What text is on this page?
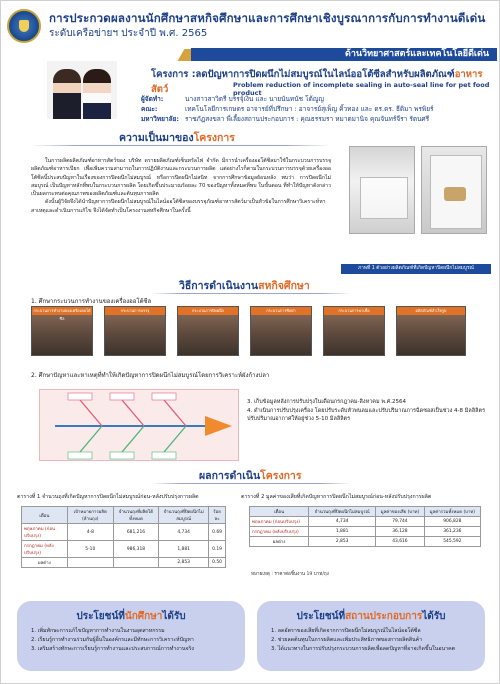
การประกวดผลงานนักศึกษาสหกิจศึกษาและการศึกษาเชิงบูรณาการกับการทำงานดีเด่น
ระดับเครือข่ายฯ ประจำปี พ.ศ. 2565
ด้านวิทยาศาสตร์และเทคโนโลยีดีเด่น
โครงการ :ลดปัญหาการปิดผนึกไม่สมบูรณ์ในไลน์ออโต้ซีลสำหรับผลิตภัณฑ์อาหารสัตว์	Problem reduction of incomplete sealing in auto-seal line for pet food product
ผู้จัดทำ:	นางสาวสาวิตรี บรรจุ์เงิน และ นายนันทนัช โต้ญูญ
คณะ:	เทคโนโลยีการเกษตร อาจารย์ที่ปรึกษา : อาจารย์สุเพ็ญ คิ้วทอง และ ดร.ดร. ธีติมา พรพิยร์
มหาวิทยาลัย: ราชภัฏสงขลา พี่เลี้ยงสถานประกอบการ : คุณธรรมรา หมาดมานิจ คุณจันทร์จีรา รัตนศรี
ความเป็นมาของโครงการ

ในการผลิตผลิตภัณฑ์อาหารสัตว์ของ บริษัท ดรายผลิตภัณฑ์เซ็นทรัลไฟ จำกัด มีการนำเครื่องออโต้ซีลมาใช้ในกระบวนการบรรจุผลิตภัณฑ์อาหารเปียก เพื่อเพิ่มความสามารถในการปฏิบัติงานและกระบวนการผลิต แต่อย่างไรก็ตามในกระบวนการบรรจุด้วยเครื่องออโต้ซีลนี้ประสบปัญหาในเรื่องของการปิดผนึกไม่สมบูรณ์ หรือการปิดผนึกไม่สนิท จากการศึกษาข้อมูลย้อนหลัง พบว่า การปิดผนึกไม่สมบูรณ์ เป็นปัญหาหลักที่พบในกระบวนการผลิต โดยเกิดขึ้นประมาณร้อยละ 70 ของปัญหาทั้งหมดที่พบ ในขั้นตอน ที่ทำให้ปัญหาดังกล่าวเป็นผลกระทบต่อคุณภาพของผลิตภัณฑ์และต้นทุนการผลิต

ดังนั้นผู้วิจัยจึงได้นำปัญหาการปิดผนึกไม่สมบูรณ์ในไลน์ออโต้ซีลของบรรจุภัณฑ์อาหารสัตว์มาเป็นหัวข้อในการศึกษาวิเคราะห์หาสาเหตุและดำเนินการแก้ไข จึงได้จัดทำเป็นโครงงานสหกิจศึกษาในครั้งนี้

ภาพที่ 1 ตัวอย่างผลิตภัณฑ์ที่เกิดปัญหาปิดผนึกไม่สมบูรณ์
วิธีการดำเนินงานสหกิจศึกษา
1. ศึกษากระบวนการทำงานของเครื่องออโต้ซีล
กระบวนการทำงานของเครื่องออโต้ซีล
กระบวนการบรรจุ	กระบวนการปิดผนึก	กระบวนการซีลฝา	กระบวนการฆ่าเชื้อ	ผลิตภัณฑ์สำเร็จรูป
2. ศึกษาปัญหาและหาเหตุที่ทำให้เกิดปัญหาการปิดผนึกไม่สมบูรณ์โดยการวิเคราะห์ผังก้างปลา
3. เก็บข้อมูลหลังการปรับปรุงในเดือนกรกฎาคม-สิงหาคม พ.ศ.2564
4. ดำเนินการปรับปรุงเครื่อง โดยปรับระดับหัวพ่นลมและปรับปริมาณการฉีดซอสเป็นช่วง 4-8 มิลลิลิตร ปรับปริมาณอากาศให้อยู่ช่วง 5-10 มิลลิลิตร
ผลการดำเนินโครงการ
ตารางที่ 1 จำนวนถุงที่เกิดปัญหาการปิดผนึกไม่สมบูรณ์ก่อน-หลังปรับปรุงการผลิต
เดือน	เป้าหมายการผลิต (ล้านถุง)	จำนวนถุงที่ผลิตได้ทั้งหมด	จำนวนถุงที่ปิดผนึกไม่สมบูรณ์	ร้อยละ
พฤษภาคม (ก่อนปรับปรุง)	4-8	681,216	4,734	0.69
กรกฎาคม (หลังปรับปรุง)	5-10	986,318	1,881	0.19
ผลต่าง			2,853	0.50
ตารางที่ 2 มูลค่าของเสียที่เกิดปัญหาการปิดผนึกไม่สมบูรณ์ก่อน-หลังปรับปรุงการผลิต
เดือน	จำนวนถุงที่ปิดผนึกไม่สมบูรณ์	มูลค่าของเสีย (บาท)	มูลค่ารวมทั้งหมด (บาท)
พฤษภาคม (ก่อนปรับปรุง)	4,734	79,744	906,828
กรกฎาคม (หลังปรับปรุง)	1,881	36,128	361,236
ผลต่าง	2,853	43,616	545,592
หมายเหตุ : ราคาต่อชิ้นงาน 19 บาท/ถุง
ประโยชน์ที่นักศึกษาได้รับ
1. เพิ่มทักษะการแก้ไขปัญหาการทำงานในงานอุตสาหกรรม
2. เรียนรู้การทำงานร่วมกับผู้อื่นในองค์กรและมีทักษะการวิเคราะห์ปัญหา
3. เสริมสร้างทักษะการเรียนรู้การทำงานและประสบการณ์การทำงานจริง
ประโยชน์ที่สถานประกอบการได้รับ
1. ลดอัตราของเสียที่เกิดจากการปิดผนึกไม่สมบูรณ์ในไลน์ออโต้ซีล
2. ช่วยลดต้นทุนในการผลิตและเพิ่มประสิทธิภาพของการผลิตสินค้า
3. ได้แนวทางในการปรับปรุงกระบวนการผลิตเพื่อลดปัญหาที่อาจเกิดขึ้นในอนาคต
